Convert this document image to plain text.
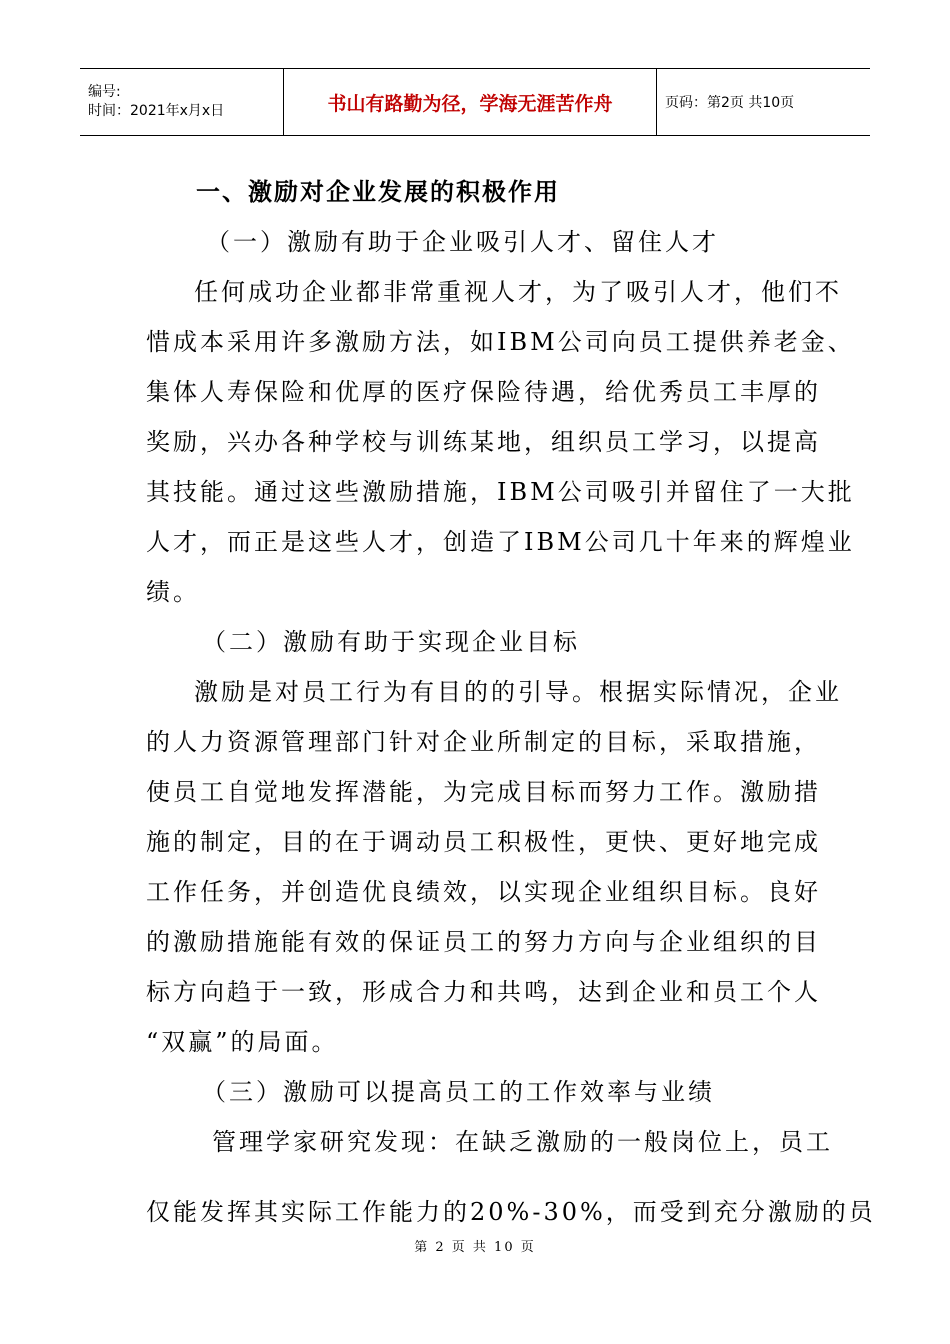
编号:
时间：2021年x月x日	书山有路勤为径，学海无涯苦作舟	页码：第2页 共10页
一、激励对企业发展的积极作用
（一）激励有助于企业吸引人才、留住人才
任何成功企业都非常重视人才，为了吸引人才，他们不
惜成本采用许多激励方法，如IBM公司向员工提供养老金、
集体人寿保险和优厚的医疗保险待遇，给优秀员工丰厚的
奖励，兴办各种学校与训练某地，组织员工学习，以提高
其技能。通过这些激励措施，IBM公司吸引并留住了一大批
人才，而正是这些人才，创造了IBM公司几十年来的辉煌业
绩。
（二）激励有助于实现企业目标
激励是对员工行为有目的的引导。根据实际情况，企业
的人力资源管理部门针对企业所制定的目标，采取措施，
使员工自觉地发挥潜能，为完成目标而努力工作。激励措
施的制定，目的在于调动员工积极性，更快、更好地完成
工作任务，并创造优良绩效，以实现企业组织目标。良好
的激励措施能有效的保证员工的努力方向与企业组织的目
标方向趋于一致，形成合力和共鸣，达到企业和员工个人
“双赢”的局面。
（三）激励可以提高员工的工作效率与业绩
管理学家研究发现：在缺乏激励的一般岗位上，员工
仅能发挥其实际工作能力的20%-30%，而受到充分激励的员
第 2 页 共 10 页
